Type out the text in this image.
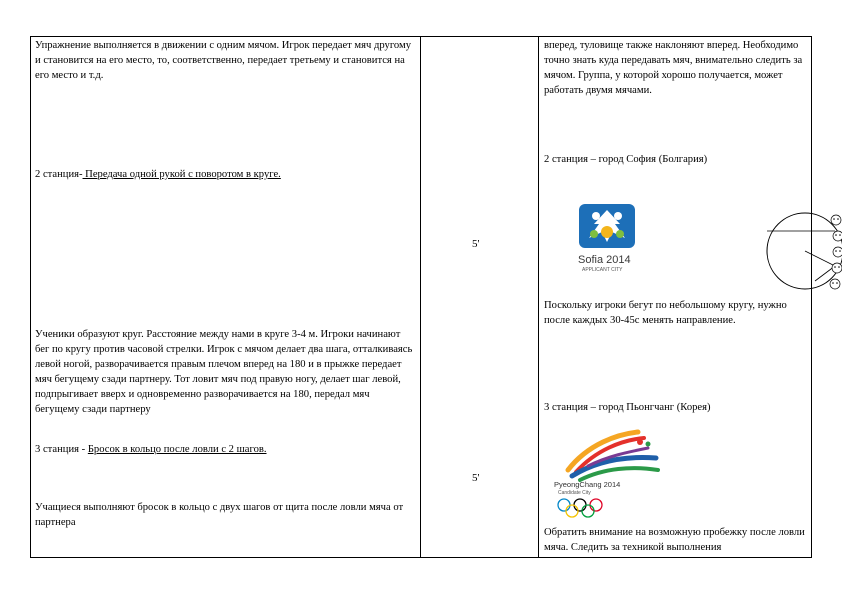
Упражнение выполняется в движении с одним мячом. Игрок передает мяч другому и становится на его место, то, соответственно, передает третьему и становится на его место и т.д.
2 станция- Передача одной рукой с поворотом в круге.
Ученики образуют круг. Расстояние между нами в круге 3-4 м. Игроки начинают бег по кругу против часовой стрелки. Игрок с мячом делает два шага, отталкиваясь левой ногой, разворачивается правым плечом вперед на 180 и в прыжке передает мяч бегущему сзади партнеру. Тот ловит мяч под правую ногу, делает шаг левой, подпрыгивает вверх и одновременно разворачивается на 180, передал мяч бегущему сзади партнеру
3 станция - Бросок в кольцо после ловли с 2 шагов.
Учащиеся выполняют бросок в кольцо с двух шагов от щита после ловли мяча от партнера
5'
5'
вперед, туловище также наклоняют вперед. Необходимо точно знать куда передавать мяч, внимательно следить за мячом. Группа, у которой хорошо получается, может работать двумя мячами.
2 станция – город София (Болгария)
Sofia 2014
APPLICANT CITY
Поскольку игроки бегут по небольшому кругу, нужно после каждых 30-45с менять направление.
3 станция – город Пьонгчанг (Корея)
PyeongChang 2014
Candidate City
Обратить внимание на возможную пробежку после ловли мяча. Следить за техникой выполнения
